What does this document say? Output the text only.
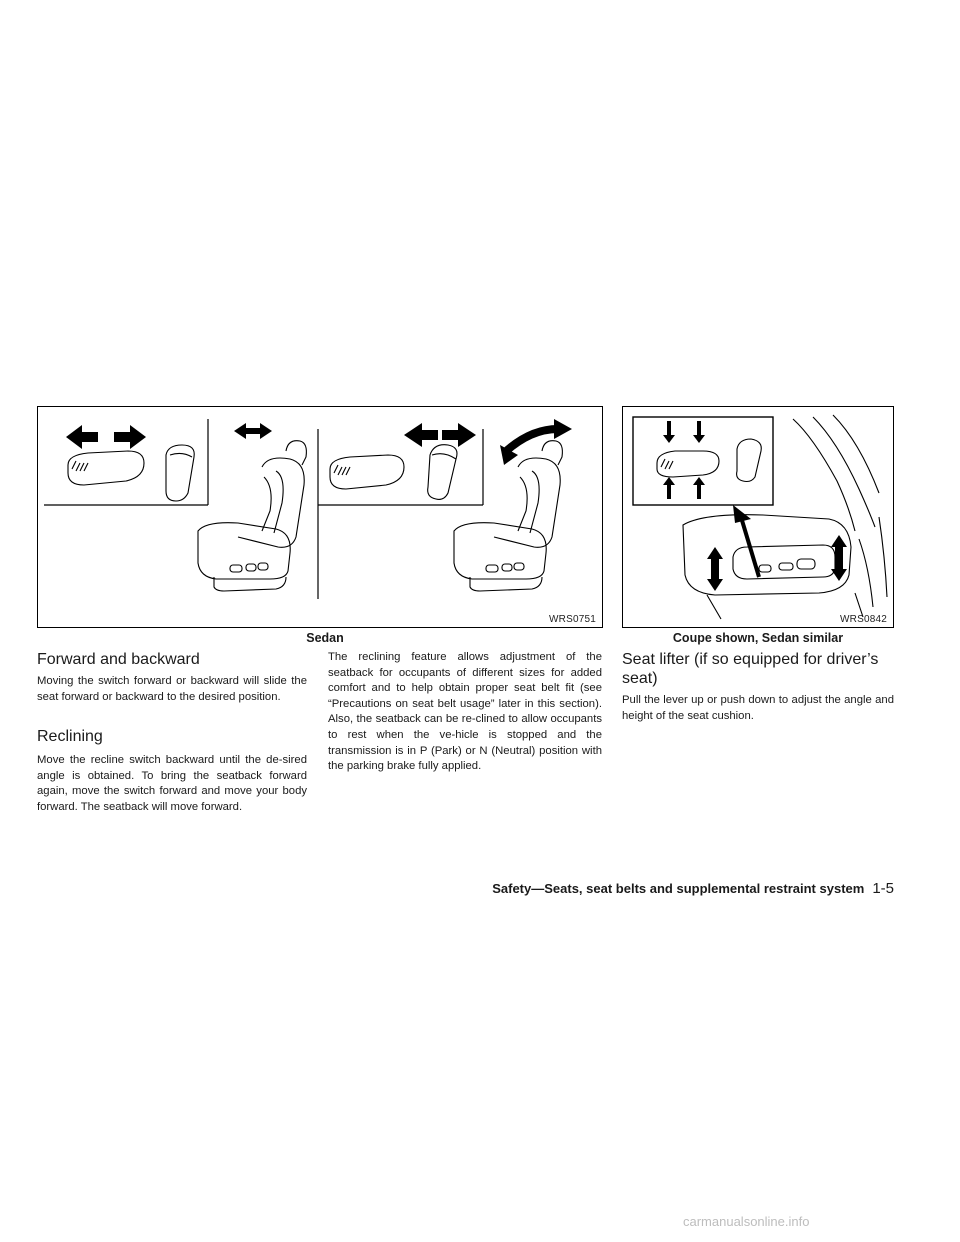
WRS0751
Sedan
WRS0842
Coupe shown, Sedan similar
Forward and backward

Moving the switch forward or backward will slide the seat forward or backward to the desired position.

Reclining

Move the recline switch backward until the de-sired angle is obtained. To bring the seatback forward again, move the switch forward and move your body forward. The seatback will move forward.

The reclining feature allows adjustment of the seatback for occupants of different sizes for added comfort and to help obtain proper seat belt fit (see “Precautions on seat belt usage” later in this section). Also, the seatback can be re-clined to allow occupants to rest when the ve-hicle is stopped and the transmission is in P (Park) or N (Neutral) position with the parking brake fully applied.

Seat lifter (if so equipped for driver’s seat)

Pull the lever up or push down to adjust the angle and height of the seat cushion.

Safety—Seats, seat belts and supplemental restraint system 1-5
carmanualsonline.info
